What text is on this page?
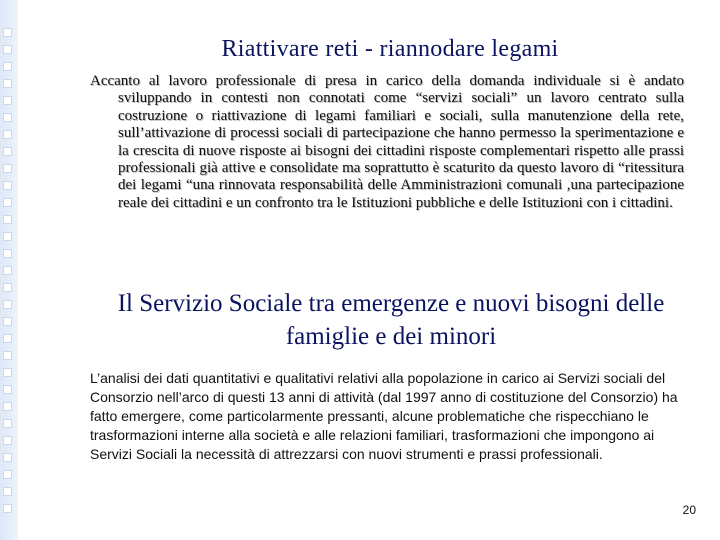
Riattivare reti - riannodare legami
Accanto al lavoro professionale di presa in carico della domanda individuale si è andato sviluppando in contesti non connotati come “servizi sociali” un lavoro centrato sulla costruzione o riattivazione di legami familiari e sociali, sulla manutenzione della rete, sull’attivazione di processi sociali di partecipazione che hanno permesso la sperimentazione e la crescita di nuove risposte ai bisogni dei cittadini risposte complementari rispetto alle prassi professionali già attive e consolidate ma soprattutto è scaturito da questo lavoro di “ritessitura dei legami “una rinnovata responsabilità delle Amministrazioni comunali ,una partecipazione reale dei cittadini e un confronto tra le Istituzioni pubbliche e delle Istituzioni con i cittadini.
Il Servizio Sociale tra emergenze e nuovi bisogni delle famiglie e dei minori
L’analisi dei dati quantitativi e qualitativi relativi alla popolazione in carico ai Servizi sociali del Consorzio nell’arco di questi 13 anni di attività (dal 1997 anno di costituzione del Consorzio) ha fatto emergere, come particolarmente pressanti, alcune problematiche che rispecchiano le trasformazioni interne alla società e alle relazioni familiari, trasformazioni che impongono ai Servizi Sociali la necessità di attrezzarsi con nuovi strumenti e prassi professionali.
20
